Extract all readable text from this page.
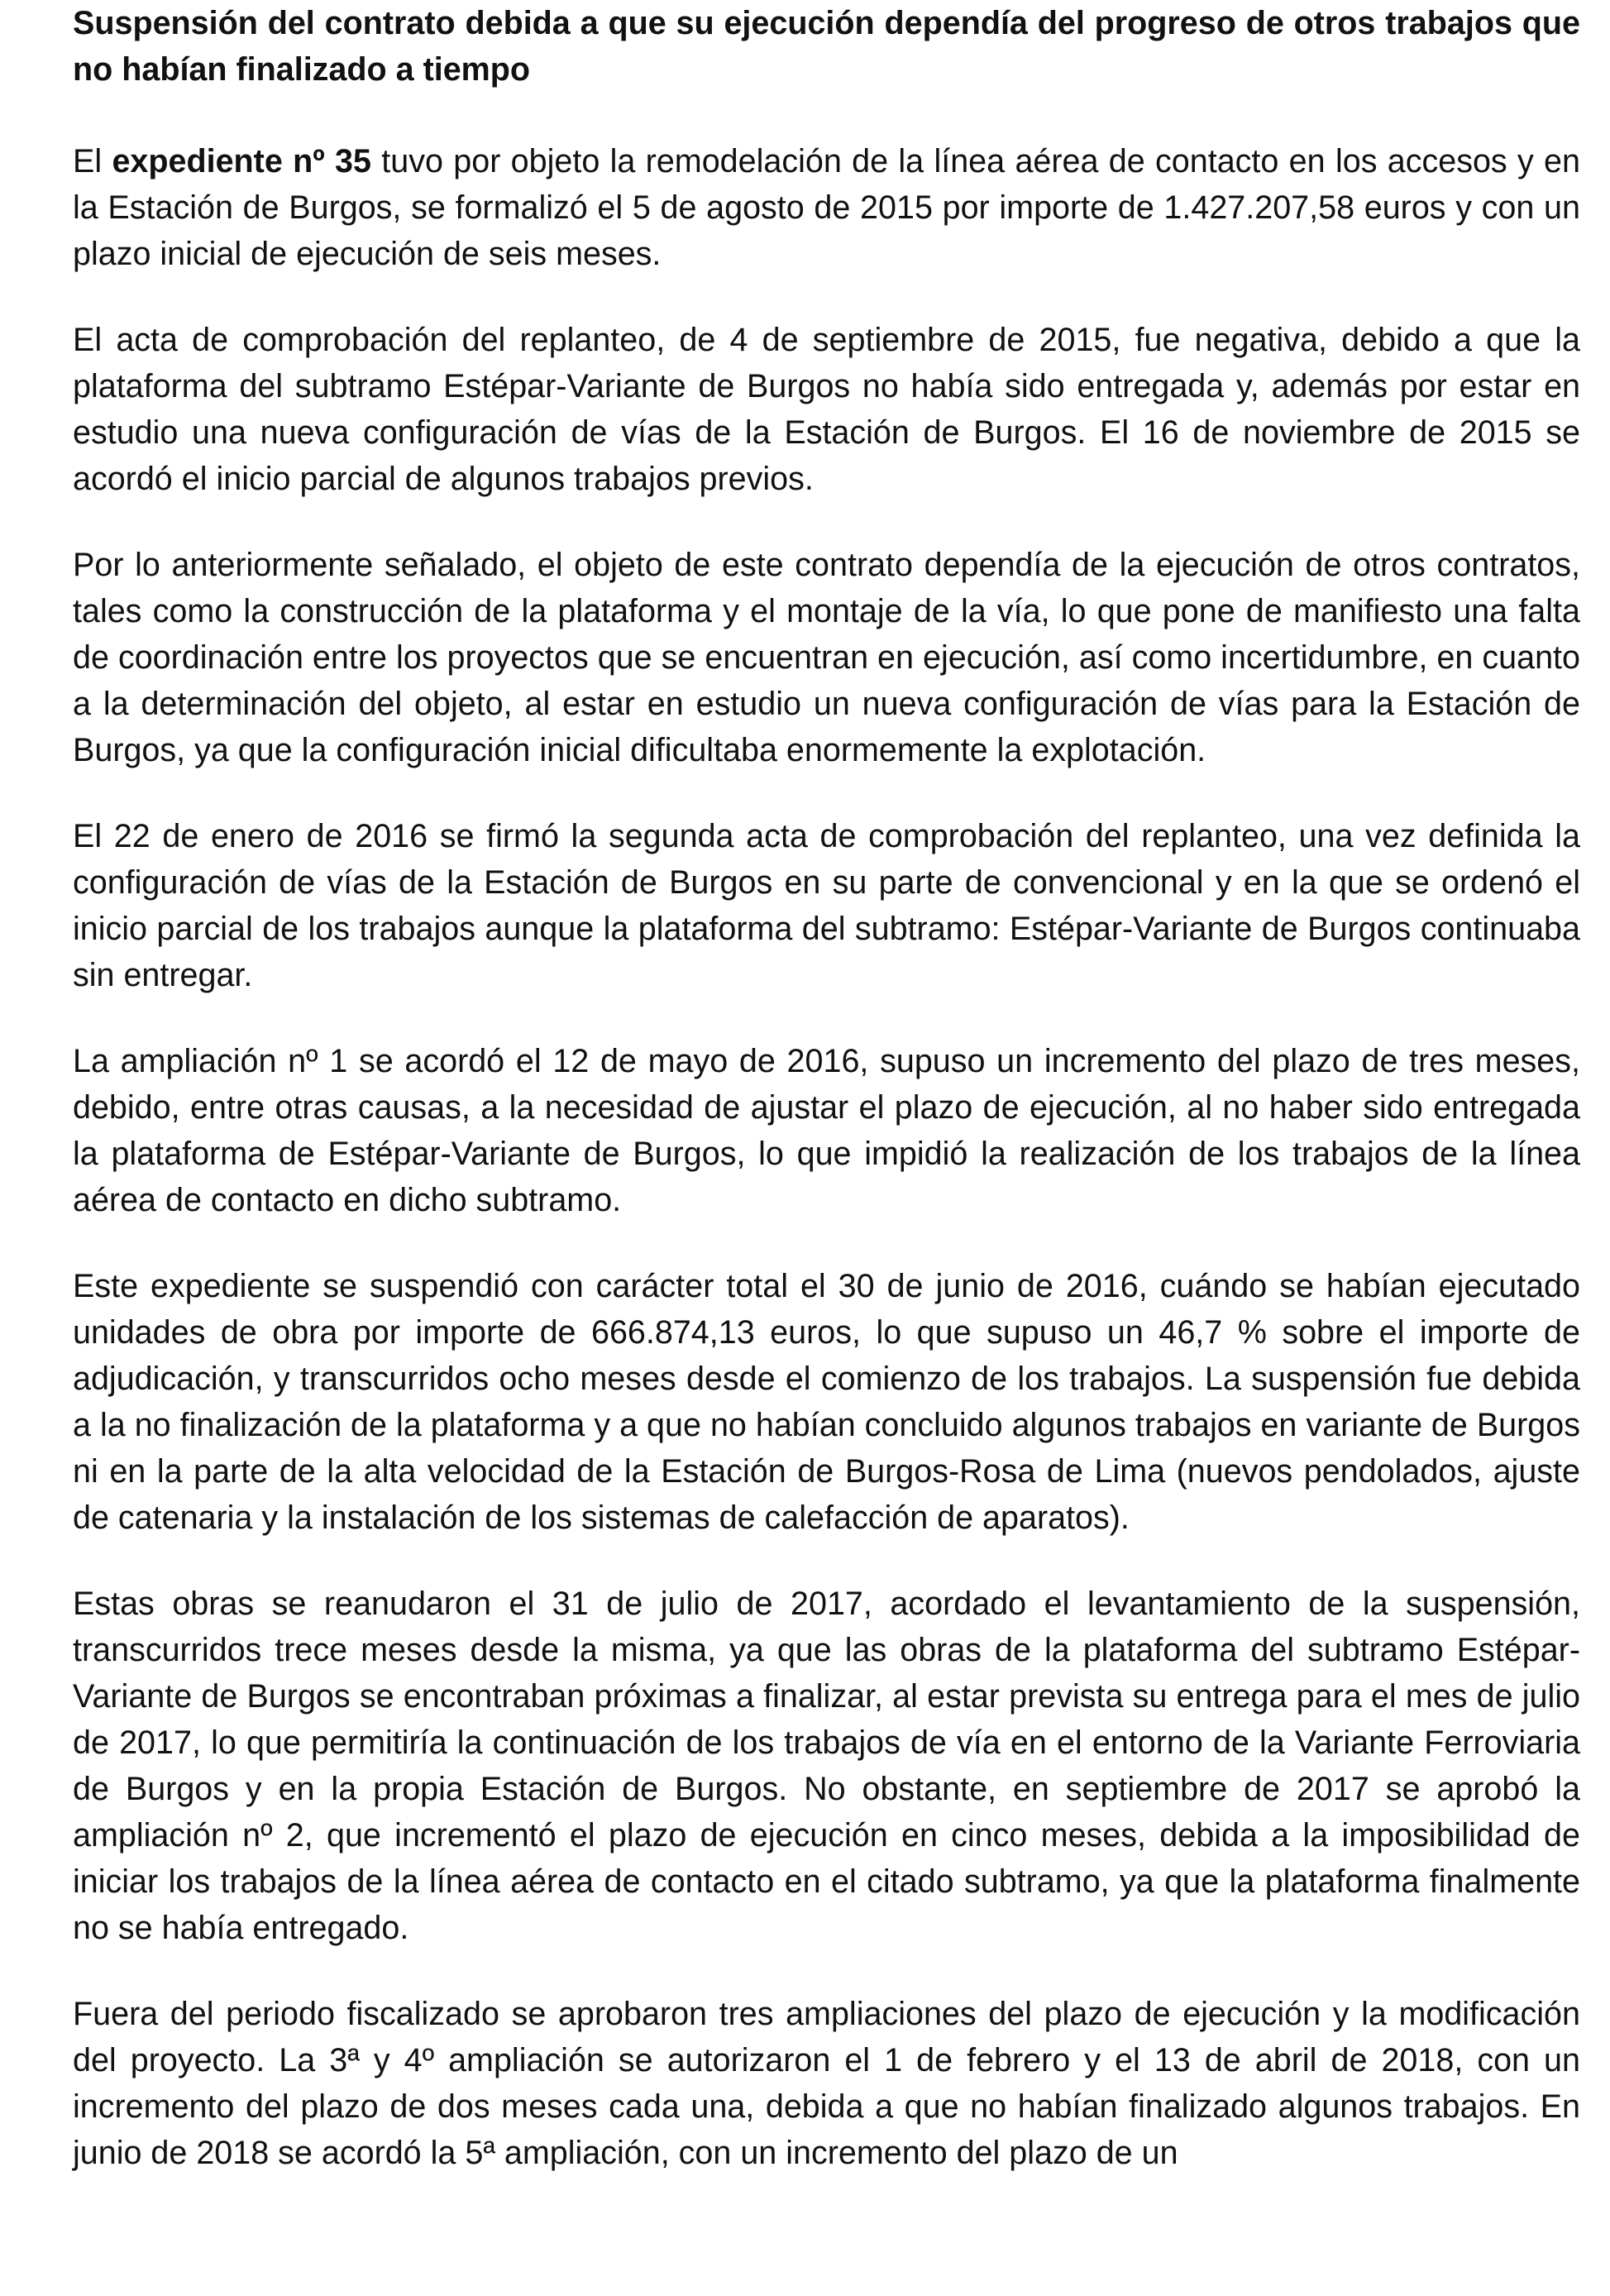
Suspensión del contrato debida a que su ejecución dependía del progreso de otros trabajos que no habían finalizado a tiempo

El expediente nº 35 tuvo por objeto la remodelación de la línea aérea de contacto en los accesos y en la Estación de Burgos, se formalizó el 5 de agosto de 2015 por importe de 1.427.207,58 euros y con un plazo inicial de ejecución de seis meses.

El acta de comprobación del replanteo, de 4 de septiembre de 2015, fue negativa, debido a que la plataforma del subtramo Estépar-Variante de Burgos no había sido entregada y, además por estar en estudio una nueva configuración de vías de la Estación de Burgos. El 16 de noviembre de 2015 se acordó el inicio parcial de algunos trabajos previos.

Por lo anteriormente señalado, el objeto de este contrato dependía de la ejecución de otros contratos, tales como la construcción de la plataforma y el montaje de la vía, lo que pone de manifiesto una falta de coordinación entre los proyectos que se encuentran en ejecución, así como incertidumbre, en cuanto a la determinación del objeto, al estar en estudio un nueva configuración de vías para la Estación de Burgos, ya que la configuración inicial dificultaba enormemente la explotación.

El 22 de enero de 2016 se firmó la segunda acta de comprobación del replanteo, una vez definida la configuración de vías de la Estación de Burgos en su parte de convencional y en la que se ordenó el inicio parcial de los trabajos aunque la plataforma del subtramo: Estépar-Variante de Burgos continuaba sin entregar.

La ampliación nº 1 se acordó el 12 de mayo de 2016, supuso un incremento del plazo de tres meses, debido, entre otras causas, a la necesidad de ajustar el plazo de ejecución, al no haber sido entregada la plataforma de Estépar-Variante de Burgos, lo que impidió la realización de los trabajos de la línea aérea de contacto en dicho subtramo.

Este expediente se suspendió con carácter total el 30 de junio de 2016, cuándo se habían ejecutado unidades de obra por importe de 666.874,13 euros, lo que supuso un 46,7 % sobre el importe de adjudicación, y transcurridos ocho meses desde el comienzo de los trabajos. La suspensión fue debida a la no finalización de la plataforma y a que no habían concluido algunos trabajos en variante de Burgos ni en la parte de la alta velocidad de la Estación de Burgos-Rosa de Lima (nuevos pendolados, ajuste de catenaria y la instalación de los sistemas de calefacción de aparatos).

Estas obras se reanudaron el 31 de julio de 2017, acordado el levantamiento de la suspensión, transcurridos trece meses desde la misma, ya que las obras de la plataforma del subtramo Estépar-Variante de Burgos se encontraban próximas a finalizar, al estar prevista su entrega para el mes de julio de 2017, lo que permitiría la continuación de los trabajos de vía en el entorno de la Variante Ferroviaria de Burgos y en la propia Estación de Burgos. No obstante, en septiembre de 2017 se aprobó la ampliación nº 2, que incrementó el plazo de ejecución en cinco meses, debida a la imposibilidad de iniciar los trabajos de la línea aérea de contacto en el citado subtramo, ya que la plataforma finalmente no se había entregado.

Fuera del periodo fiscalizado se aprobaron tres ampliaciones del plazo de ejecución y la modificación del proyecto. La 3ª y 4º ampliación se autorizaron el 1 de febrero y el 13 de abril de 2018, con un incremento del plazo de dos meses cada una, debida a que no habían finalizado algunos trabajos. En junio de 2018 se acordó la 5ª ampliación, con un incremento del plazo de un
